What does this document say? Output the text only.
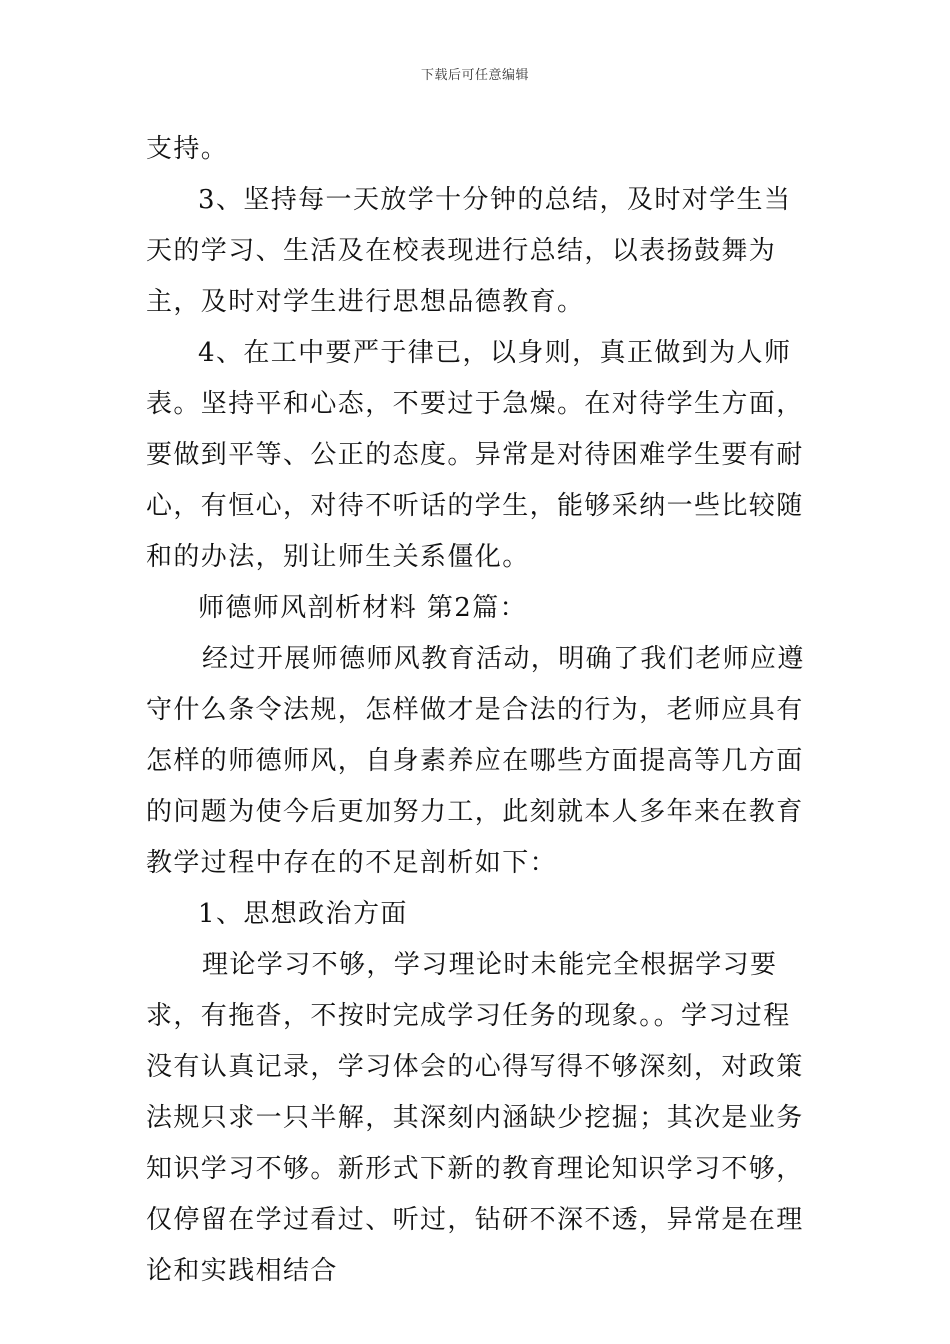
下载后可任意编辑

支持。

3、坚持每一天放学十分钟的总结，及时对学生当天的学习、生活及在校表现进行总结，以表扬鼓舞为主，及时对学生进行思想品德教育。

4、在工中要严于律已，以身则，真正做到为人师表。坚持平和心态，不要过于急燥。在对待学生方面，要做到平等、公正的态度。异常是对待困难学生要有耐心，有恒心，对待不听话的学生，能够采纳一些比较随和的办法，别让师生关系僵化。

师德师风剖析材料 第2篇：

经过开展师德师风教育活动，明确了我们老师应遵守什么条令法规，怎样做才是合法的行为，老师应具有怎样的师德师风，自身素养应在哪些方面提高等几方面的问题为使今后更加努力工，此刻就本人多年来在教育教学过程中存在的不足剖析如下：

1、思想政治方面

理论学习不够，学习理论时未能完全根据学习要求，有拖沓，不按时完成学习任务的现象。。学习过程没有认真记录，学习体会的心得写得不够深刻，对政策法规只求一只半解，其深刻内涵缺少挖掘；其次是业务知识学习不够。新形式下新的教育理论知识学习不够，仅停留在学过看过、听过，钻研不深不透，异常是在理论和实践相结合
